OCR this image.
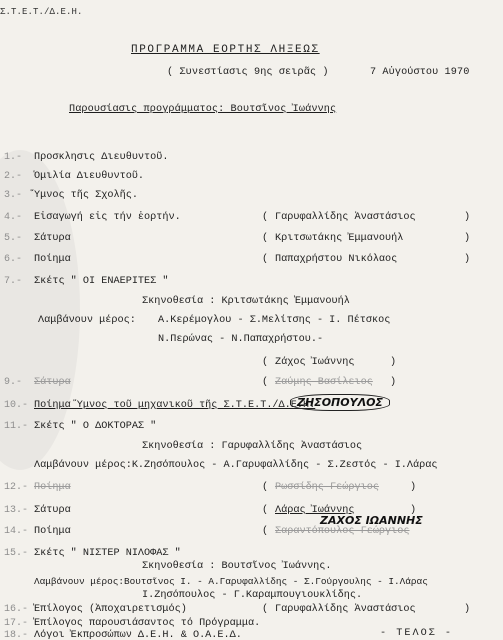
Σ.Τ.Ε.Τ./Δ.Ε.Η.
ΠΡΟΓΡΑΜΜΑ ΕΟΡΤΗΣ ΛΗΞΕΩΣ
( Συνεστίασις 9ης σειρᾶς )	7 Αὐγούστου 1970
Παρουσίασις προγράμματος: Βουτσῖνος Ἰωάννης
1.- Προσκλησις Διευθυντοῦ.
2.- Ὁμιλία Διευθυντοῦ.
3.- Ὕμνος τῆς Σχολῆς.
4.- Εἰσαγωγή εἰς τήν ἑορτήν.	( Γαρυφαλλίδης Ἀναστάσιος	)
5.- Σάτυρα	( Κριτσωτάκης Ἐμμανουήλ	)
6.- Ποίημα	( Παπαχρήστου Νικόλαος	)
7.- Σκέτς " ΟΙ ΕΝΑΕΡΙΤΕΣ "
Σκηνοθεσία : Κριτσωτάκης Ἐμμανουήλ
Λαμβάνουν μέρος: Α.Κερέμογλου - Σ.Μελίτσης - Ι. Πέτσκος
Ν.Περώνας - Ν.Παπαχρήστου.-
( Ζάχος Ἰωάννης	)
9.- Σάτυρα	( Ζαύμης Βασίλειος )
10.- Ποίημα Ὕμνος τοῦ μηχανικοῦ τῆς Σ.Τ.Ε.Τ./Δ.Ε.Η.
ΖΗΣΟΠΟΥΛΟΣ
11.- Σκέτς " Ο ΔΟΚΤΟΡΑΣ "
Σκηνοθεσία : Γαρυφαλλίδης Ἀναστάσιος
Λαμβάνουν μέρος:Κ.Ζησόπουλος - Α.Γαρυφαλλίδης - Σ.Ζεστός - Ι.Λάρας
12.- Ποίημα	( Ρωσσίδης Γεώργιος	)
13.- Σάτυρα	( Λάρας Ἰωάννης	)
14.- Ποίημα	( Σαραντόπουλος Γεώργιος
ΖΑΧΟΣ ΙΩΑΝΝΗΣ
15.- Σκέτς " ΝΙΣΤΕΡ ΝΙΛΟΦΑΣ "
Σκηνοθεσία : Βουτσῖνος Ἰωάννης.
Λαμβάνουν μέρος:Βουτσῖνος Ι. - Α.Γαρυφαλλίδης - Σ.Γούργουλης - Ι.Λάρας
Ι.Ζησόπουλος - Γ.Καραμπουγιουκλίδης.
16.- Ἐπίλογος (Ἀποχαιρετισμός)	( Γαρυφαλλίδης Ἀναστάσιος	)
17.- Ἐπίλογος παρουσιάσαντος τό Πρόγραμμα.
18.- Λόγοι Ἐκπροσώπων Δ.Ε.Η. & Ο.Α.Ε.Δ.	- ΤΕΛΟΣ -
